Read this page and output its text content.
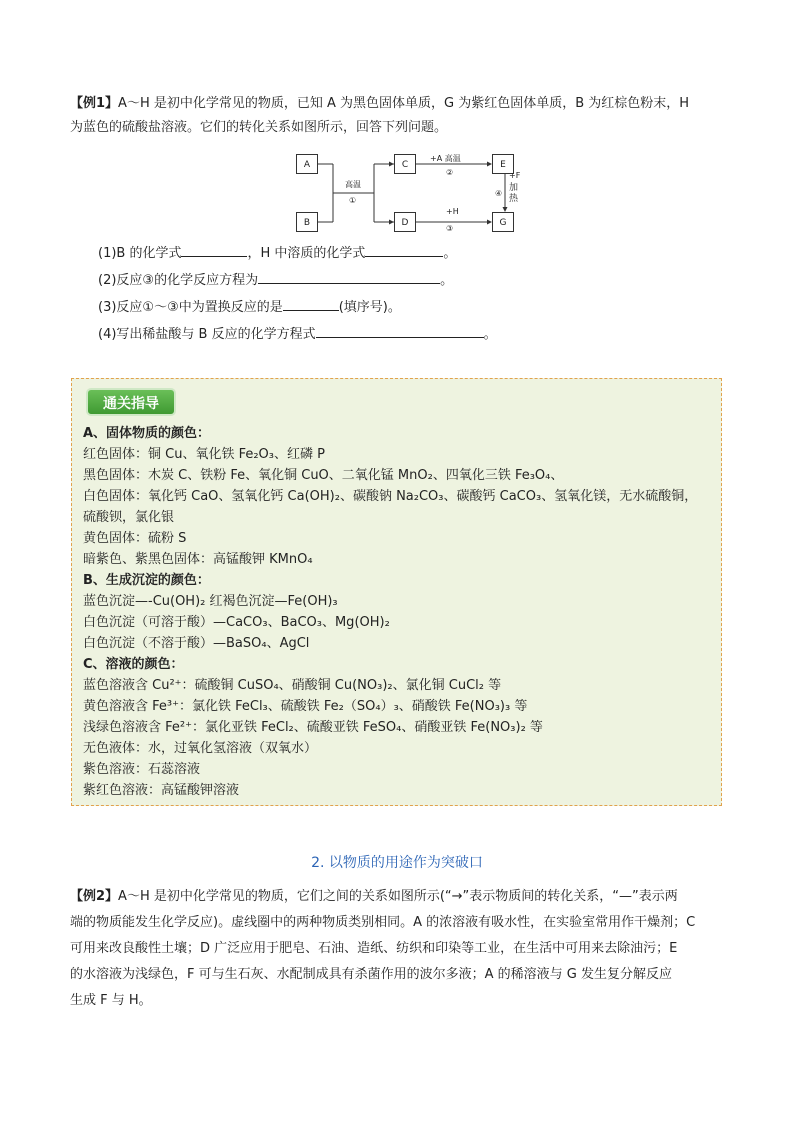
【例1】A～H 是初中化学常见的物质，已知 A 为黑色固体单质，G 为紫红色固体单质，B 为红棕色粉末，H
为蓝色的硫酸盐溶液。它们的转化关系如图所示，回答下列问题。
A
B
C
D
E
G
高温
①
+A 高温
②
+H
③
+F
加
热
④
(1)B 的化学式	，H 中溶质的化学式	。
(2)反应③的化学反应方程为	。
(3)反应①～③中为置换反应的是	(填序号)。
(4)写出稀盐酸与 B 反应的化学方程式	。
通关指导
A、固体物质的颜色：
红色固体：铜 Cu、氧化铁 Fe₂O₃、红磷 P
黑色固体：木炭 C、铁粉 Fe、氧化铜 CuO、二氧化锰 MnO₂、四氧化三铁 Fe₃O₄、
白色固体：氧化钙 CaO、氢氧化钙 Ca(OH)₂、碳酸钠 Na₂CO₃、碳酸钙 CaCO₃、氢氧化镁，无水硫酸铜，
硫酸钡，氯化银
黄色固体：硫粉 S
暗紫色、紫黑色固体：高锰酸钾 KMnO₄
B、生成沉淀的颜色：
蓝色沉淀—-Cu(OH)₂ 红褐色沉淀—Fe(OH)₃
白色沉淀（可溶于酸）—CaCO₃、BaCO₃、Mg(OH)₂
白色沉淀（不溶于酸）—BaSO₄、AgCl
C、溶液的颜色：
蓝色溶液含 Cu²⁺：硫酸铜 CuSO₄、硝酸铜 Cu(NO₃)₂、氯化铜 CuCl₂ 等
黄色溶液含 Fe³⁺：氯化铁 FeCl₃、硫酸铁 Fe₂（SO₄）₃、硝酸铁 Fe(NO₃)₃ 等
浅绿色溶液含 Fe²⁺：氯化亚铁 FeCl₂、硫酸亚铁 FeSO₄、硝酸亚铁 Fe(NO₃)₂ 等
无色液体：水，过氧化氢溶液（双氧水）
紫色溶液：石蕊溶液
紫红色溶液：高锰酸钾溶液
2. 以物质的用途作为突破口
【例2】A～H 是初中化学常见的物质，它们之间的关系如图所示(“→”表示物质间的转化关系，“—”表示两
端的物质能发生化学反应)。虚线圈中的两种物质类别相同。A 的浓溶液有吸水性，在实验室常用作干燥剂；C
可用来改良酸性土壤；D 广泛应用于肥皂、石油、造纸、纺织和印染等工业，在生活中可用来去除油污；E
的水溶液为浅绿色，F 可与生石灰、水配制成具有杀菌作用的波尔多液；A 的稀溶液与 G 发生复分解反应
生成 F 与 H。
